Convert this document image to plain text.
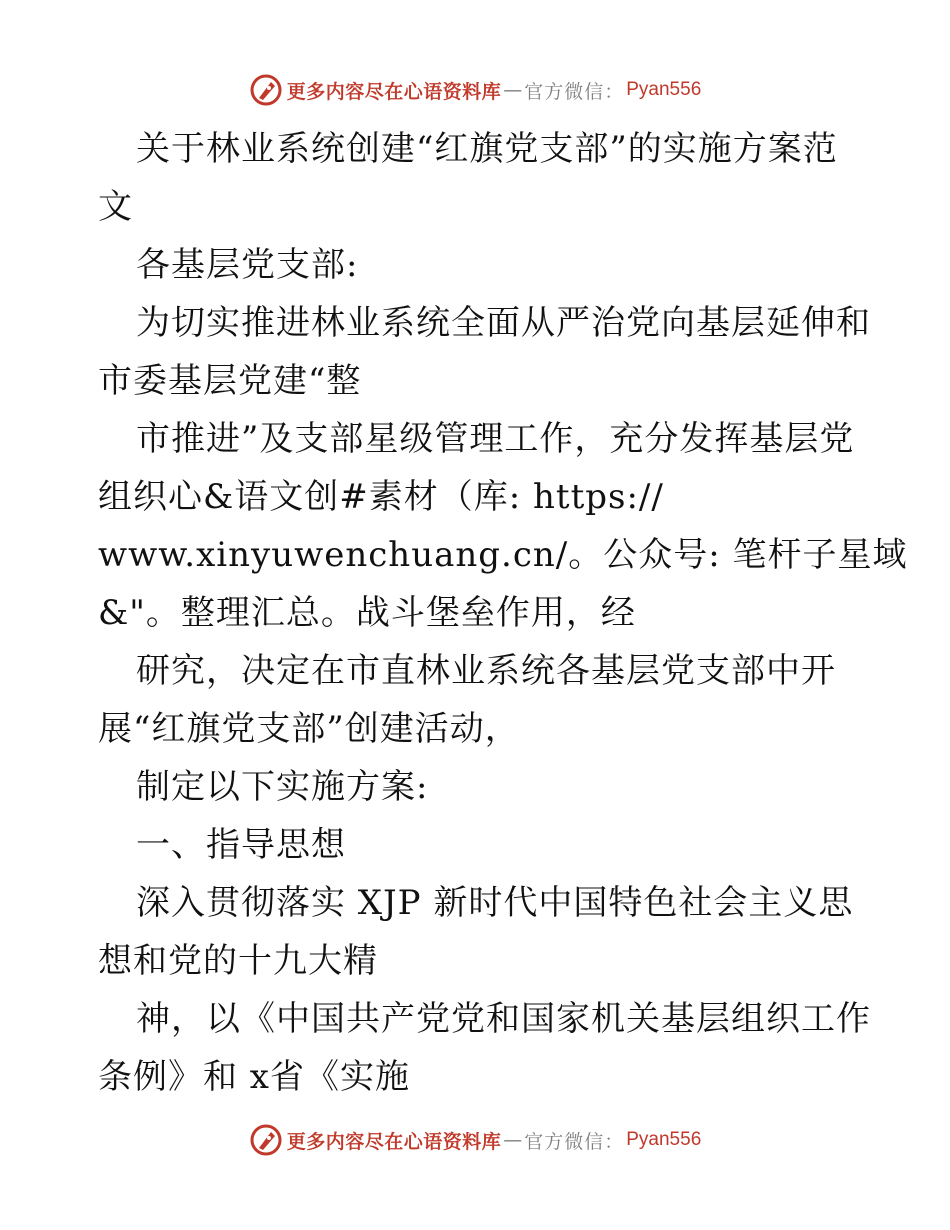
更多内容尽在心语资料库 — 官方微信： Pyan556
关于林业系统创建“红旗党支部”的实施方案范
文
各基层党支部:
为切实推进林业系统全面从严治党向基层延伸和
市委基层党建“整
市推进”及支部星级管理工作，充分发挥基层党
组织心&语文创#素材（库: https://
www.xinyuwenchuang.cn/。公众号: 笔杆子星域
&"。整理汇总。战斗堡垒作用，经
研究，决定在市直林业系统各基层党支部中开
展“红旗党支部”创建活动，
制定以下实施方案:
一、指导思想
深入贯彻落实 XJP 新时代中国特色社会主义思
想和党的十九大精
神，以《中国共产党党和国家机关基层组织工作
条例》和 x省《实施
更多内容尽在心语资料库 — 官方微信： Pyan556
